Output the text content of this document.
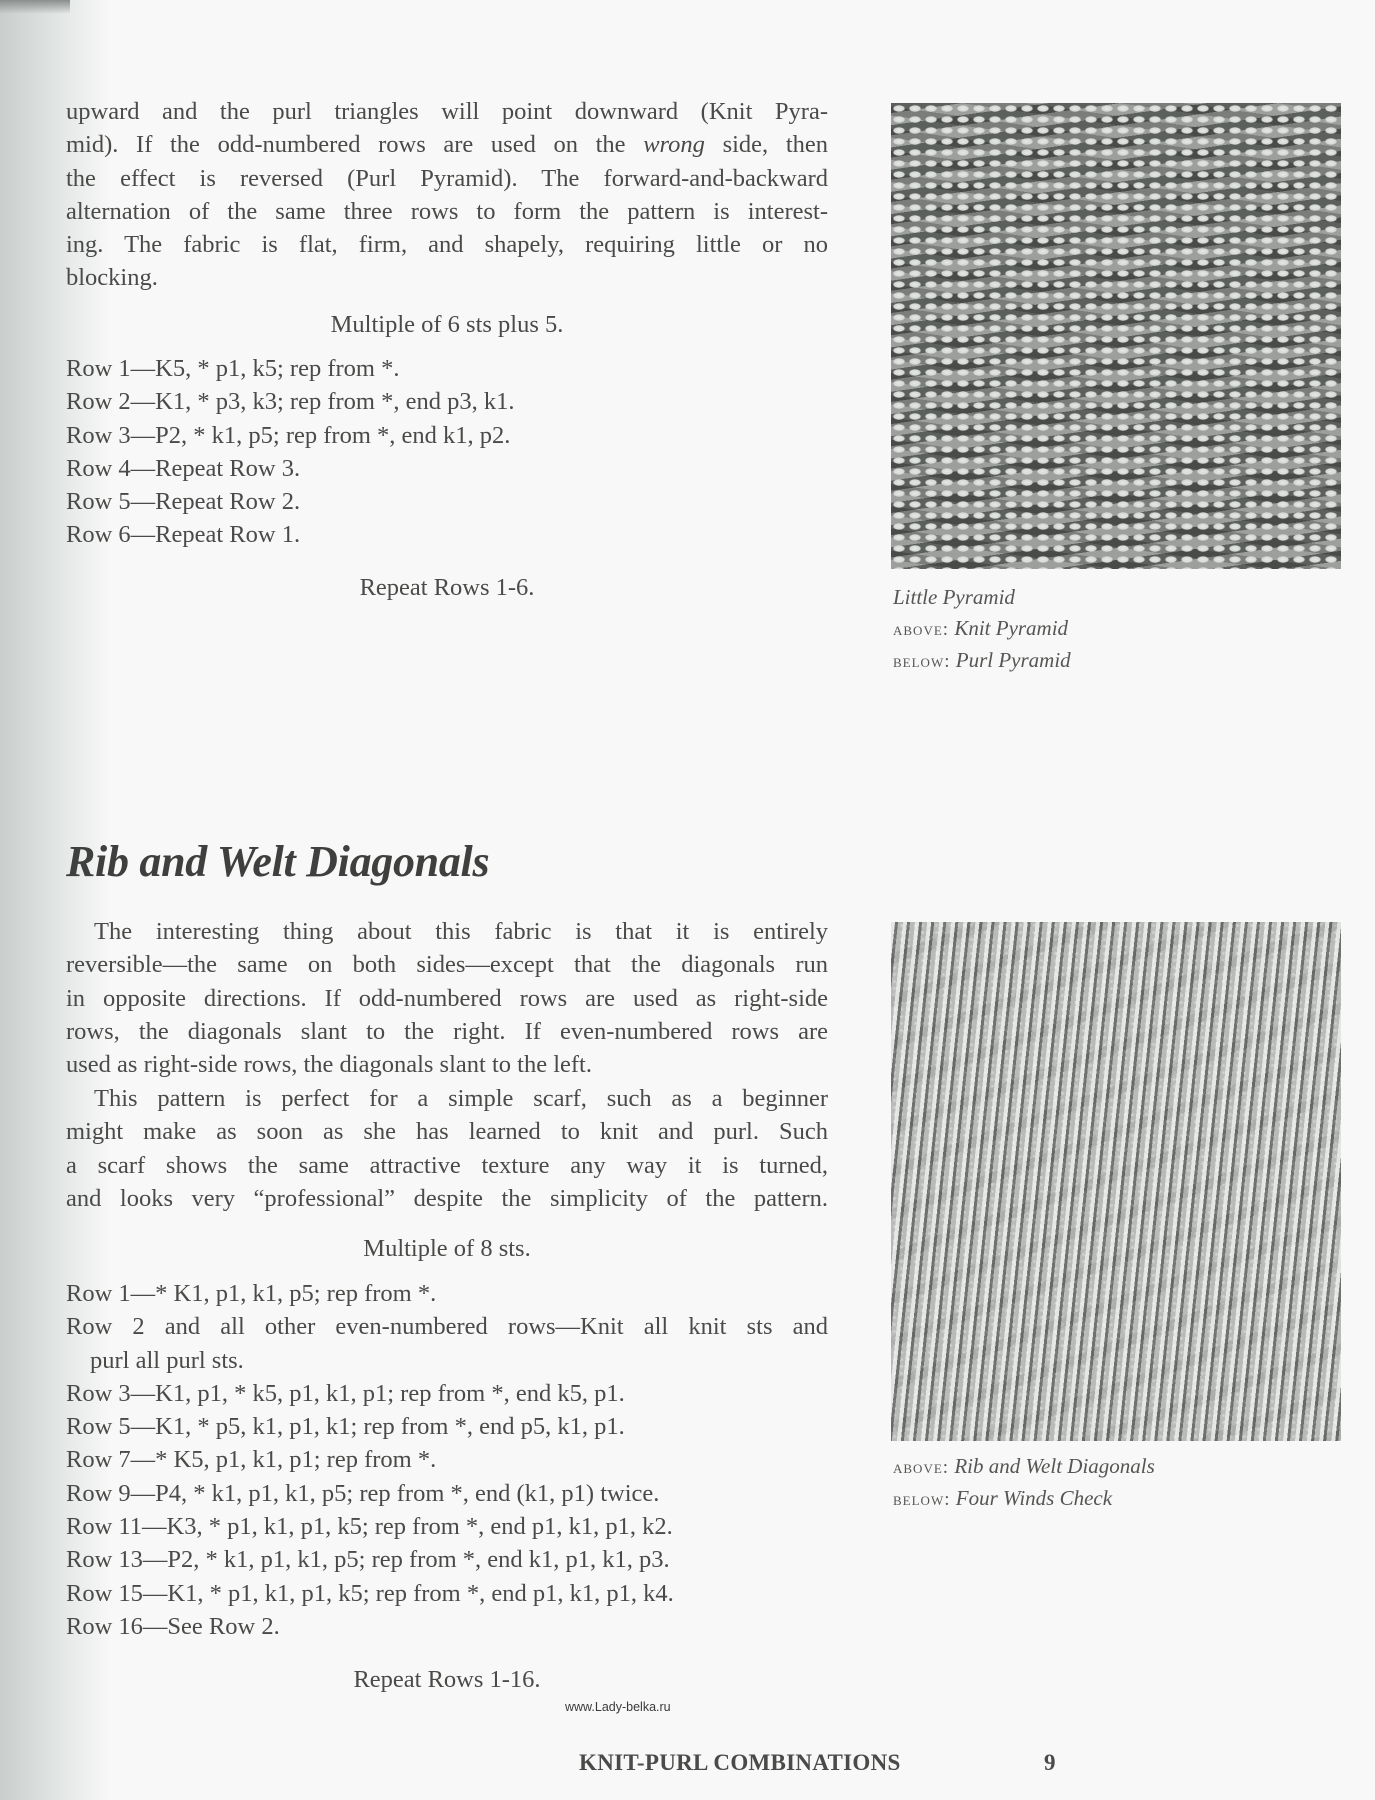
upward and the purl triangles will point downward (Knit Pyra-
mid). If the odd-numbered rows are used on the wrong side, then
the effect is reversed (Purl Pyramid). The forward-and-backward
alternation of the same three rows to form the pattern is interest-
ing. The fabric is flat, firm, and shapely, requiring little or no
blocking.
Multiple of 6 sts plus 5.
Row 1—K5, * p1, k5; rep from *.
Row 2—K1, * p3, k3; rep from *, end p3, k1.
Row 3—P2, * k1, p5; rep from *, end k1, p2.
Row 4—Repeat Row 3.
Row 5—Repeat Row 2.
Row 6—Repeat Row 1.
Repeat Rows 1-6.	Little Pyramid
above: Knit Pyramid
below: Purl Pyramid
Rib and Welt Diagonals
The interesting thing about this fabric is that it is entirely
reversible—the same on both sides—except that the diagonals run
in opposite directions. If odd-numbered rows are used as right-side
rows, the diagonals slant to the right. If even-numbered rows are
used as right-side rows, the diagonals slant to the left.
This pattern is perfect for a simple scarf, such as a beginner
might make as soon as she has learned to knit and purl. Such
a scarf shows the same attractive texture any way it is turned,
and looks very “professional” despite the simplicity of the pattern.
Multiple of 8 sts.
Row 1—* K1, p1, k1, p5; rep from *.
Row 2 and all other even-numbered rows—Knit all knit sts and
purl all purl sts.
Row 3—K1, p1, * k5, p1, k1, p1; rep from *, end k5, p1.
Row 5—K1, * p5, k1, p1, k1; rep from *, end p5, k1, p1.
Row 7—* K5, p1, k1, p1; rep from *.
Row 9—P4, * k1, p1, k1, p5; rep from *, end (k1, p1) twice.
Row 11—K3, * p1, k1, p1, k5; rep from *, end p1, k1, p1, k2.
Row 13—P2, * k1, p1, k1, p5; rep from *, end k1, p1, k1, p3.
Row 15—K1, * p1, k1, p1, k5; rep from *, end p1, k1, p1, k4.
Row 16—See Row 2.
Repeat Rows 1-16.
above: Rib and Welt Diagonals
below: Four Winds Check
www.Lady-belka.ru
KNIT-PURL COMBINATIONS	9
